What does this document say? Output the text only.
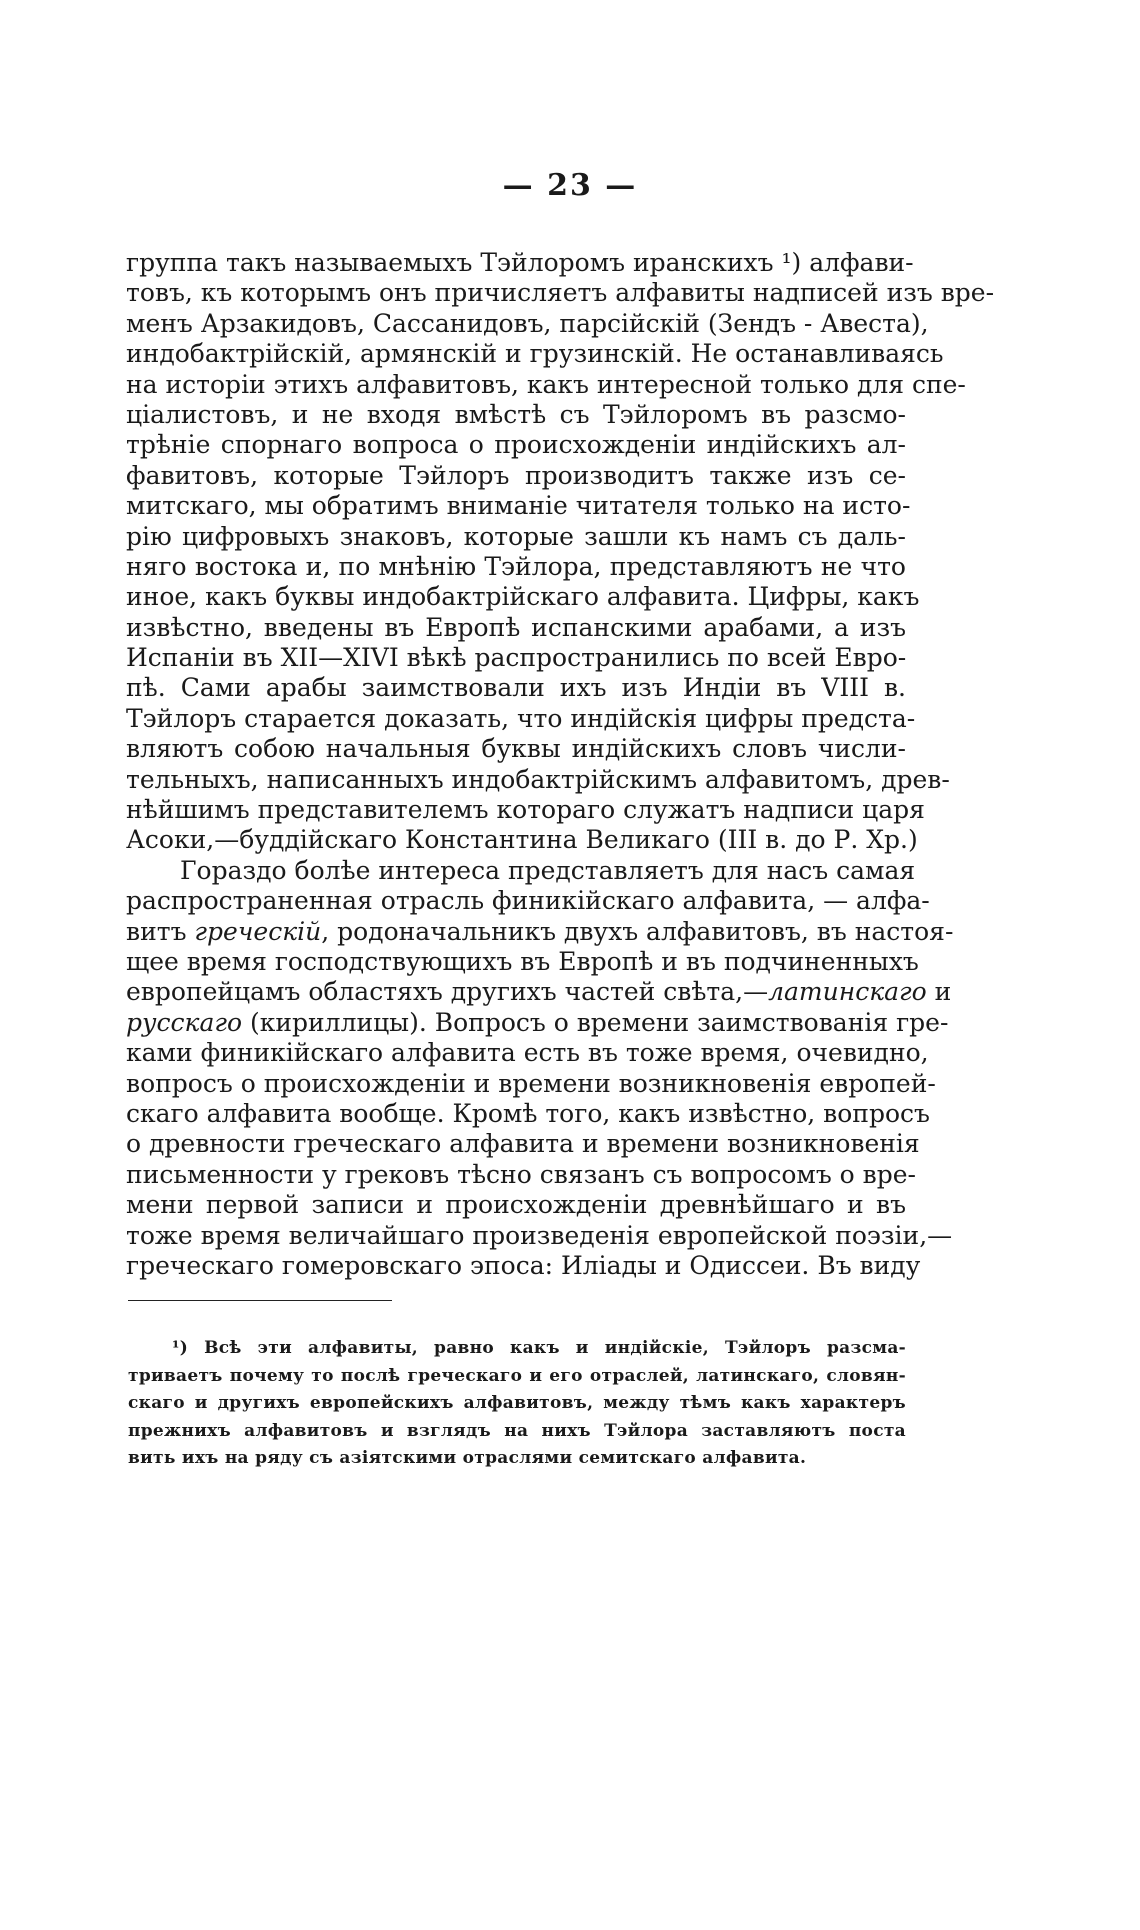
— 23 —
группа такъ называемыхъ Тэйлоромъ иранскихъ ¹) алфави-
товъ, къ которымъ онъ причисляетъ алфавиты надписей изъ вре-
менъ Арзакидовъ, Сассанидовъ, парсiйскiй (Зендъ - Авеста),
индобактрiйскiй, армянскiй и грузинскiй. Не останавливаясь
на исторiи этихъ алфавитовъ, какъ интересной только для спе-
цiалистовъ, и не входя вмѣстѣ съ Тэйлоромъ въ разсмо-
трѣнiе спорнаго вопроса о происхожденiи индiйскихъ ал-
фавитовъ, которые Тэйлоръ производитъ также изъ се-
митскаго, мы обратимъ вниманiе читателя только на исто-
рiю цифровыхъ знаковъ, которые зашли къ намъ съ даль-
няго востока и, по мнѣнiю Тэйлора, представляютъ не что
иное, какъ буквы индобактрiйскаго алфавита. Цифры, какъ
извѣстно, введены въ Европѣ испанскими арабами, а изъ
Испанiи въ XII—XIVI вѣкѣ распространились по всей Евро-
пѣ. Сами арабы заимствовали ихъ изъ Индiи въ VIII в.
Тэйлоръ старается доказать, что индiйскiя цифры предста-
вляютъ собою начальныя буквы индiйскихъ словъ числи-
тельныхъ, написанныхъ индобактрiйскимъ алфавитомъ, древ-
нѣйшимъ представителемъ котораго служатъ надписи царя
Асоки,—буддiйскаго Константина Великаго (III в. до Р. Хр.)
Гораздо болѣе интереса представляетъ для насъ самая
распространенная отрасль финикiйскаго алфавита, — алфа-
витъ греческiй, родоначальникъ двухъ алфавитовъ, въ настоя-
щее время господствующихъ въ Европѣ и въ подчиненныхъ
европейцамъ областяхъ другихъ частей свѣта,—латинскаго и
русскаго (кириллицы). Вопросъ о времени заимствованiя гре-
ками финикiйскаго алфавита есть въ тоже время, очевидно,
вопросъ о происхожденiи и времени возникновенiя европей-
скаго алфавита вообще. Кромѣ того, какъ извѣстно, вопросъ
о древности греческаго алфавита и времени возникновенiя
письменности у грековъ тѣсно связанъ съ вопросомъ о вре-
мени первой записи и происхожденiи древнѣйшаго и въ
тоже время величайшаго произведенiя европейской поэзiи,—
греческаго гомеровскаго эпоса: Илiады и Одиссеи. Въ виду
¹) Всѣ эти алфавиты, равно какъ и индiйскiе, Тэйлоръ разсма-
триваетъ почему то послѣ греческаго и его отраслей, латинскаго, словян-
скаго и другихъ европейскихъ алфавитовъ, между тѣмъ какъ характеръ
прежнихъ алфавитовъ и взглядъ на нихъ Тэйлора заставляютъ поста
вить ихъ на ряду съ азiятскими отраслями семитскаго алфавита.
